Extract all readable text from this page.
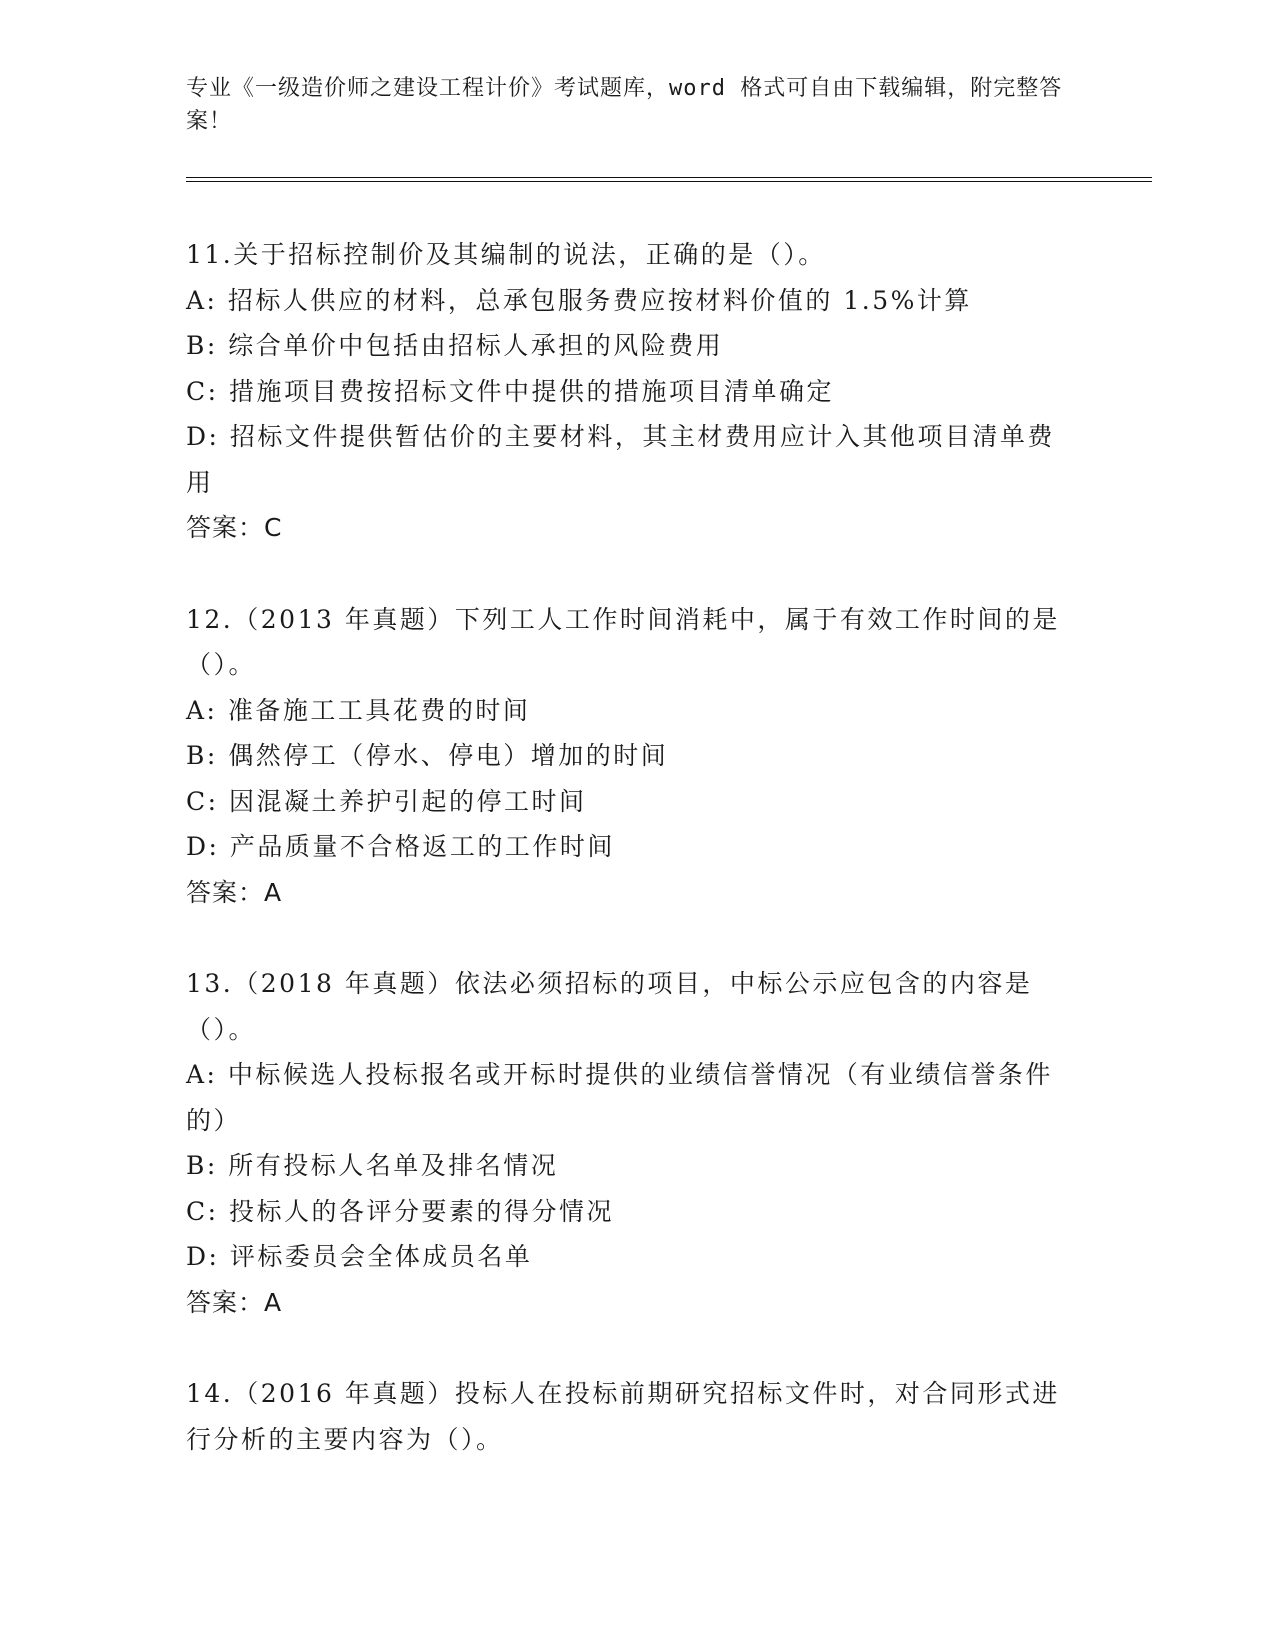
专业《一级造价师之建设工程计价》考试题库，word 格式可自由下载编辑，附完整答案！
11.关于招标控制价及其编制的说法，正确的是（）。
A: 招标人供应的材料，总承包服务费应按材料价值的 1.5%计算
B: 综合单价中包括由招标人承担的风险费用
C: 措施项目费按招标文件中提供的措施项目清单确定
D: 招标文件提供暂估价的主要材料，其主材费用应计入其他项目清单费用
答案：C
12.（2013 年真题）下列工人工作时间消耗中，属于有效工作时间的是（）。
A: 准备施工工具花费的时间
B: 偶然停工（停水、停电）增加的时间
C: 因混凝土养护引起的停工时间
D: 产品质量不合格返工的工作时间
答案：A
13.（2018 年真题）依法必须招标的项目，中标公示应包含的内容是（）。
A: 中标候选人投标报名或开标时提供的业绩信誉情况（有业绩信誉条件的）
B: 所有投标人名单及排名情况
C: 投标人的各评分要素的得分情况
D: 评标委员会全体成员名单
答案：A
14.（2016 年真题）投标人在投标前期研究招标文件时，对合同形式进行分析的主要内容为（）。
